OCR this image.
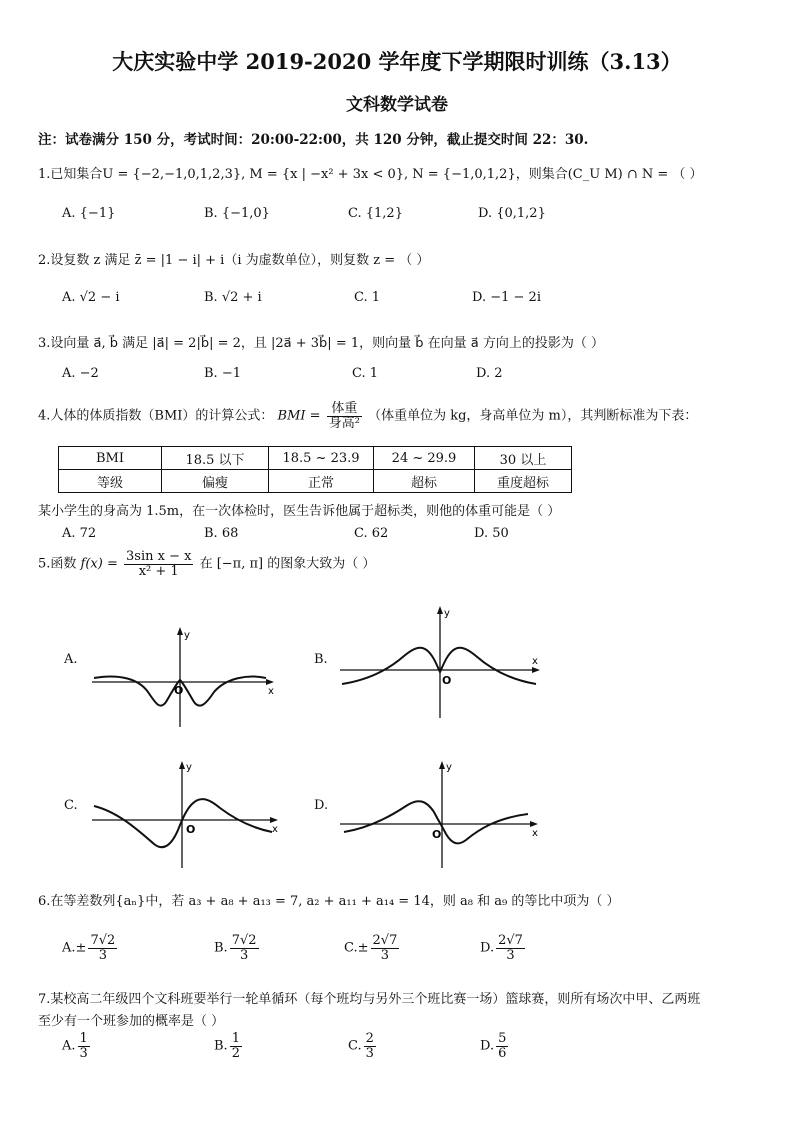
大庆实验中学 2019-2020 学年度下学期限时训练（3.13）
文科数学试卷
注：试卷满分 150 分，考试时间：20:00-22:00，共 120 分钟，截止提交时间 22：30.
1.已知集合U = {−2,−1,0,1,2,3}, M = {x | −x² + 3x < 0}, N = {−1,0,1,2}，则集合(C_U M) ∩ N = （ ）
A. {−1}	B. {−1,0}	C. {1,2}	D. {0,1,2}
2.设复数 z 满足 z̄ = |1 − i| + i（i 为虚数单位），则复数 z = （ ）
A. √2 − i	B. √2 + i	C. 1	D. −1 − 2i
3.设向量 a⃗, b⃗ 满足 |a⃗| = 2|b⃗| = 2，且 |2a⃗ + 3b⃗| = 1，则向量 b⃗ 在向量 a⃗ 方向上的投影为（ ）
A. −2	B. −1	C. 1	D. 2
4.人体的体质指数（BMI）的计算公式： BMI = $\frac{\text{体重}}{\text{身高²}}$ （体重单位为 kg，身高单位为 m），其判断标准为下表：
BMI	18.5 以下	18.5 ~ 23.9	24 ~ 29.9	30 以上
等级	偏瘦	正常	超标	重度超标
某小学生的身高为 1.5m，在一次体检时，医生告诉他属于超标类，则他的体重可能是（ ）
A. 72	B. 68	C. 62	D. 50
5.函数 $f(x) = \frac{\text{3sin x − x}}{\text{x² + 1}}$ 在 [−π, π] 的图象大致为（ ）
A.
y
x
O
B.
y
x
O
C.
y
x
O
D.
y
x
O
6.在等差数列{aₙ}中，若 a₃ + a₈ + a₁₃ = 7, a₂ + a₁₁ + a₁₄ = 14，则 a₈ 和 a₉ 的等比中项为（ ）
$A.\pm \frac{7√2}{3}$	B. $\frac{7√2}{3}$	$C.\pm \frac{2√7}{3}$	D. $\frac{2√7}{3}$
7.某校高二年级四个文科班要举行一轮单循环（每个班均与另外三个班比赛一场）篮球赛，则所有场次中甲、乙两班
至少有一个班参加的概率是（ ）
A. $\frac{1}{3}$	B. $\frac{1}{2}$	C. $\frac{2}{3}$	D. $\frac{5}{6}$
